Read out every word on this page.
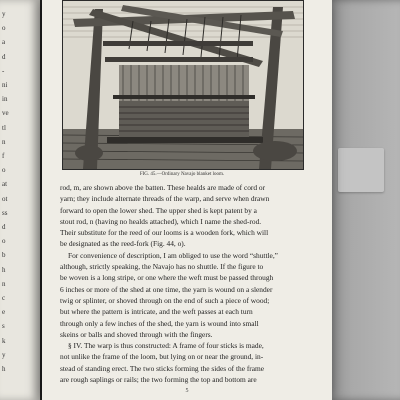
y
o
a
d
-
ni
in
ve
tl
n
f
o
at
ot
ss
d
o
b
h
n
c
e
s
k
y
h
FIG. 45.—Ordinary Navajo blanket loom.
rod, m, are shown above the batten. These healds are made of cord or
yarn; they include alternate threads of the warp, and serve when drawn
forward to open the lower shed. The upper shed is kept patent by a
stout rod, n (having no healds attached), which I name the shed-rod.
Their substitute for the reed of our looms is a wooden fork, which will
be designated as the reed-fork (Fig. 44, o).
For convenience of description, I am obliged to use the word “shuttle,”
although, strictly speaking, the Navajo has no shuttle. If the figure to
be woven is a long stripe, or one where the weft must be passed through
6 inches or more of the shed at one time, the yarn is wound on a slender
twig or splinter, or shoved through on the end of such a piece of wood;
but where the pattern is intricate, and the weft passes at each turn
through only a few inches of the shed, the yarn is wound into small
skeins or balls and shoved through with the fingers.
§ IV. The warp is thus constructed: A frame of four sticks is made,
not unlike the frame of the loom, but lying on or near the ground, in-
stead of standing erect. The two sticks forming the sides of the frame
are rough saplings or rails; the two forming the top and bottom are
5
